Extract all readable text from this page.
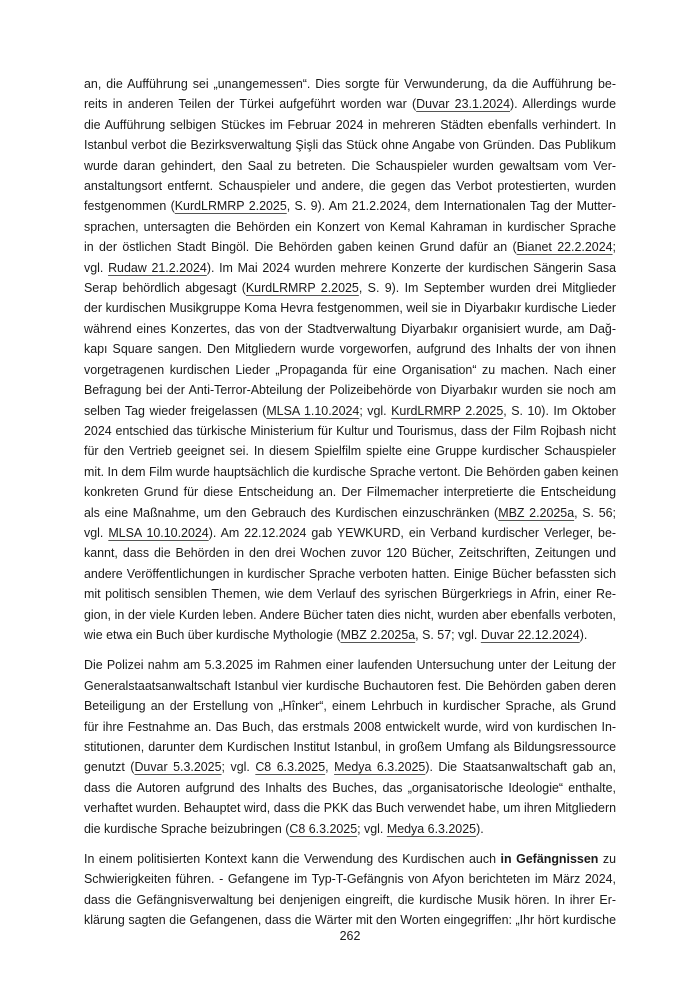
an, die Aufführung sei „unangemessen“. Dies sorgte für Verwunderung, da die Aufführung be-
reits in anderen Teilen der Türkei aufgeführt worden war (Duvar 23.1.2024). Allerdings wurde
die Aufführung selbigen Stückes im Februar 2024 in mehreren Städten ebenfalls verhindert. In
Istanbul verbot die Bezirksverwaltung Şişli das Stück ohne Angabe von Gründen. Das Publikum
wurde daran gehindert, den Saal zu betreten. Die Schauspieler wurden gewaltsam vom Ver-
anstaltungsort entfernt. Schauspieler und andere, die gegen das Verbot protestierten, wurden
festgenommen (KurdLRMRP 2.2025, S. 9). Am 21.2.2024, dem Internationalen Tag der Mutter-
sprachen, untersagten die Behörden ein Konzert von Kemal Kahraman in kurdischer Sprache
in der östlichen Stadt Bingöl. Die Behörden gaben keinen Grund dafür an (Bianet 22.2.2024;
vgl. Rudaw 21.2.2024). Im Mai 2024 wurden mehrere Konzerte der kurdischen Sängerin Sasa
Serap behördlich abgesagt (KurdLRMRP 2.2025, S. 9). Im September wurden drei Mitglieder
der kurdischen Musikgruppe Koma Hevra festgenommen, weil sie in Diyarbakır kurdische Lieder
während eines Konzertes, das von der Stadtverwaltung Diyarbakır organisiert wurde, am Dağ-
kapı Square sangen. Den Mitgliedern wurde vorgeworfen, aufgrund des Inhalts der von ihnen
vorgetragenen kurdischen Lieder „Propaganda für eine Organisation“ zu machen. Nach einer
Befragung bei der Anti-Terror-Abteilung der Polizeibehörde von Diyarbakır wurden sie noch am
selben Tag wieder freigelassen (MLSA 1.10.2024; vgl. KurdLRMRP 2.2025, S. 10). Im Oktober
2024 entschied das türkische Ministerium für Kultur und Tourismus, dass der Film Rojbash nicht
für den Vertrieb geeignet sei. In diesem Spielfilm spielte eine Gruppe kurdischer Schauspieler
mit. In dem Film wurde hauptsächlich die kurdische Sprache vertont. Die Behörden gaben keinen
konkreten Grund für diese Entscheidung an. Der Filmemacher interpretierte die Entscheidung
als eine Maßnahme, um den Gebrauch des Kurdischen einzuschränken (MBZ 2.2025a, S. 56;
vgl. MLSA 10.10.2024). Am 22.12.2024 gab YEWKURD, ein Verband kurdischer Verleger, be-
kannt, dass die Behörden in den drei Wochen zuvor 120 Bücher, Zeitschriften, Zeitungen und
andere Veröffentlichungen in kurdischer Sprache verboten hatten. Einige Bücher befassten sich
mit politisch sensiblen Themen, wie dem Verlauf des syrischen Bürgerkriegs in Afrin, einer Re-
gion, in der viele Kurden leben. Andere Bücher taten dies nicht, wurden aber ebenfalls verboten,
wie etwa ein Buch über kurdische Mythologie (MBZ 2.2025a, S. 57; vgl. Duvar 22.12.2024).

Die Polizei nahm am 5.3.2025 im Rahmen einer laufenden Untersuchung unter der Leitung der
Generalstaatsanwaltschaft Istanbul vier kurdische Buchautoren fest. Die Behörden gaben deren
Beteiligung an der Erstellung von „Hînker“, einem Lehrbuch in kurdischer Sprache, als Grund
für ihre Festnahme an. Das Buch, das erstmals 2008 entwickelt wurde, wird von kurdischen In-
stitutionen, darunter dem Kurdischen Institut Istanbul, in großem Umfang als Bildungsressource
genutzt (Duvar 5.3.2025; vgl. C8 6.3.2025, Medya 6.3.2025). Die Staatsanwaltschaft gab an,
dass die Autoren aufgrund des Inhalts des Buches, das „organisatorische Ideologie“ enthalte,
verhaftet wurden. Behauptet wird, dass die PKK das Buch verwendet habe, um ihren Mitgliedern
die kurdische Sprache beizubringen (C8 6.3.2025; vgl. Medya 6.3.2025).

In einem politisierten Kontext kann die Verwendung des Kurdischen auch in Gefängnissen zu
Schwierigkeiten führen. - Gefangene im Typ-T-Gefängnis von Afyon berichteten im März 2024,
dass die Gefängnisverwaltung bei denjenigen eingreift, die kurdische Musik hören. In ihrer Er-
klärung sagten die Gefangenen, dass die Wärter mit den Worten eingegriffen: „Ihr hört kurdische

262
